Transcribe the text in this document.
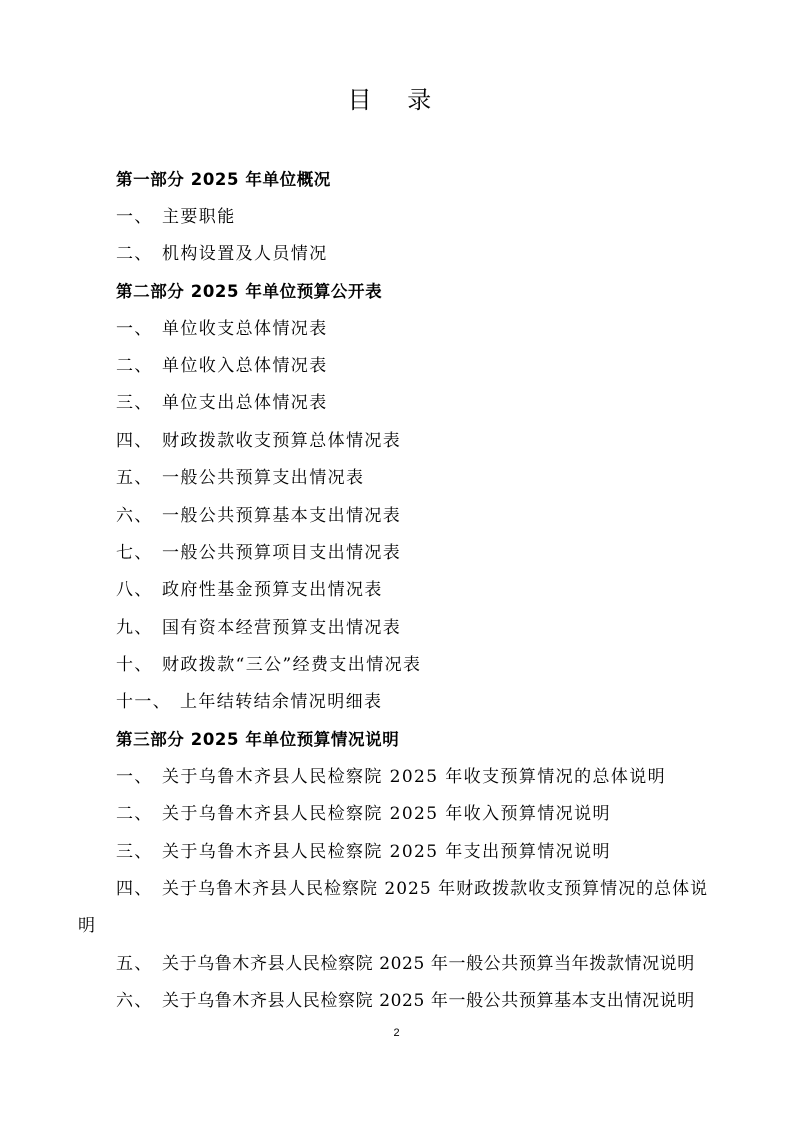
目 录
第一部分 2025 年单位概况
一、 主要职能
二、 机构设置及人员情况
第二部分 2025 年单位预算公开表
一、 单位收支总体情况表
二、 单位收入总体情况表
三、 单位支出总体情况表
四、 财政拨款收支预算总体情况表
五、 一般公共预算支出情况表
六、 一般公共预算基本支出情况表
七、 一般公共预算项目支出情况表
八、 政府性基金预算支出情况表
九、 国有资本经营预算支出情况表
十、 财政拨款“三公”经费支出情况表
十一、 上年结转结余情况明细表
第三部分 2025 年单位预算情况说明
一、 关于乌鲁木齐县人民检察院 2025 年收支预算情况的总体说明
二、 关于乌鲁木齐县人民检察院 2025 年收入预算情况说明
三、 关于乌鲁木齐县人民检察院 2025 年支出预算情况说明
四、 关于乌鲁木齐县人民检察院 2025 年财政拨款收支预算情况的总体说
明
五、 关于乌鲁木齐县人民检察院 2025 年一般公共预算当年拨款情况说明
六、 关于乌鲁木齐县人民检察院 2025 年一般公共预算基本支出情况说明
2
